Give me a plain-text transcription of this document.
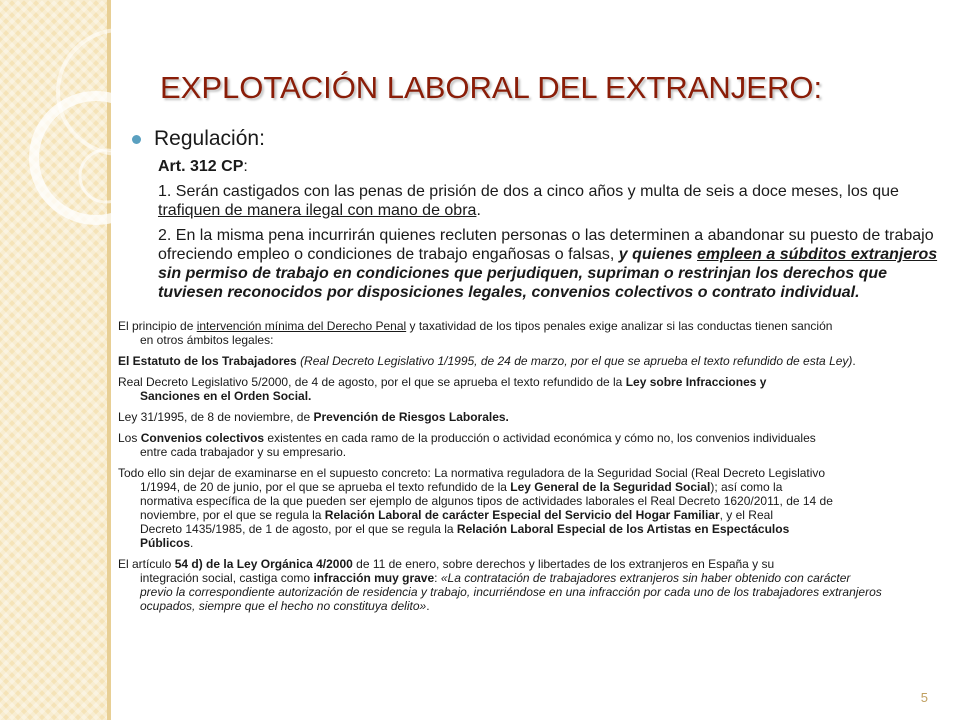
EXPLOTACIÓN LABORAL DEL EXTRANJERO:
Regulación:
Art. 312 CP:
1. Serán castigados con las penas de prisión de dos a cinco años y multa de seis a doce meses, los que trafiquen de manera ilegal con mano de obra.
2. En la misma pena incurrirán quienes recluten personas o las determinen a abandonar su puesto de trabajo ofreciendo empleo o condiciones de trabajo engañosas o falsas, y quienes empleen a súbditos extranjeros sin permiso de trabajo en condiciones que perjudiquen, supriman o restrinjan los derechos que tuviesen reconocidos por disposiciones legales, convenios colectivos o contrato individual.
El principio de intervención mínima del Derecho Penal y taxatividad de los tipos penales exige analizar si las conductas tienen sanción
en otros ámbitos legales:
El Estatuto de los Trabajadores (Real Decreto Legislativo 1/1995, de 24 de marzo, por el que se aprueba el texto refundido de esta Ley).
Real Decreto Legislativo 5/2000, de 4 de agosto, por el que se aprueba el texto refundido de la Ley sobre Infracciones y
Sanciones en el Orden Social.
Ley 31/1995, de 8 de noviembre, de Prevención de Riesgos Laborales.
Los Convenios colectivos existentes en cada ramo de la producción o actividad económica y cómo no, los convenios individuales
entre cada trabajador y su empresario.
Todo ello sin dejar de examinarse en el supuesto concreto: La normativa reguladora de la Seguridad Social (Real Decreto Legislativo
1/1994, de 20 de junio, por el que se aprueba el texto refundido de la Ley General de la Seguridad Social); así como la
normativa específica de la que pueden ser ejemplo de algunos tipos de actividades laborales el Real Decreto 1620/2011, de 14 de
noviembre, por el que se regula la Relación Laboral de carácter Especial del Servicio del Hogar Familiar, y el Real
Decreto 1435/1985, de 1 de agosto, por el que se regula la Relación Laboral Especial de los Artistas en Espectáculos
Públicos.
El artículo 54 d) de la Ley Orgánica 4/2000 de 11 de enero, sobre derechos y libertades de los extranjeros en España y su
integración social, castiga como infracción muy grave: «La contratación de trabajadores extranjeros sin haber obtenido con carácter
previo la correspondiente autorización de residencia y trabajo, incurriéndose en una infracción por cada uno de los trabajadores extranjeros
ocupados, siempre que el hecho no constituya delito».
5
